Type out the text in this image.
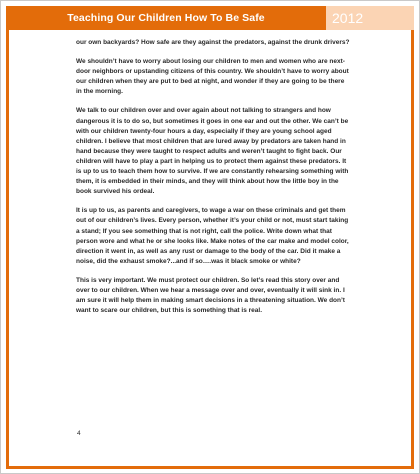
Teaching Our Children How To Be Safe	2012

our own backyards? How safe are they against the predators, against the drunk drivers?

We shouldn’t have to worry about losing our children to men and women who are next-door neighbors or upstanding citizens of this country. We shouldn’t have to worry about our children when they are put to bed at night, and wonder if they are going to be there in the morning.

We talk to our children over and over again about not talking to strangers and how dangerous it is to do so, but sometimes it goes in one ear and out the other. We can’t be with our children twenty-four hours a day, especially if they are young school aged children. I believe that most children that are lured away by predators are taken hand in hand because they were taught to respect adults and weren’t taught to fight back. Our children will have to play a part in helping us to protect them against these predators. It is up to us to teach them how to survive. If we are constantly rehearsing something with them, it is embedded in their minds, and they will think about how the little boy in the book survived his ordeal.

It is up to us, as parents and caregivers, to wage a war on these criminals and get them out of our children’s lives. Every person, whether it’s your child or not, must start taking a stand; If you see something that is not right, call the police. Write down what that person wore and what he or she looks like. Make notes of the car make and model color, direction it went in, as well as any rust or damage to the body of the car. Did it make a noise, did the exhaust smoke?...and if so….was it black smoke or white?

This is very important. We must protect our children. So let’s read this story over and over to our children. When we hear a message over and over, eventually it will sink in. I am sure it will help them in making smart decisions in a threatening situation. We don’t want to scare our children, but this is something that is real.

4
